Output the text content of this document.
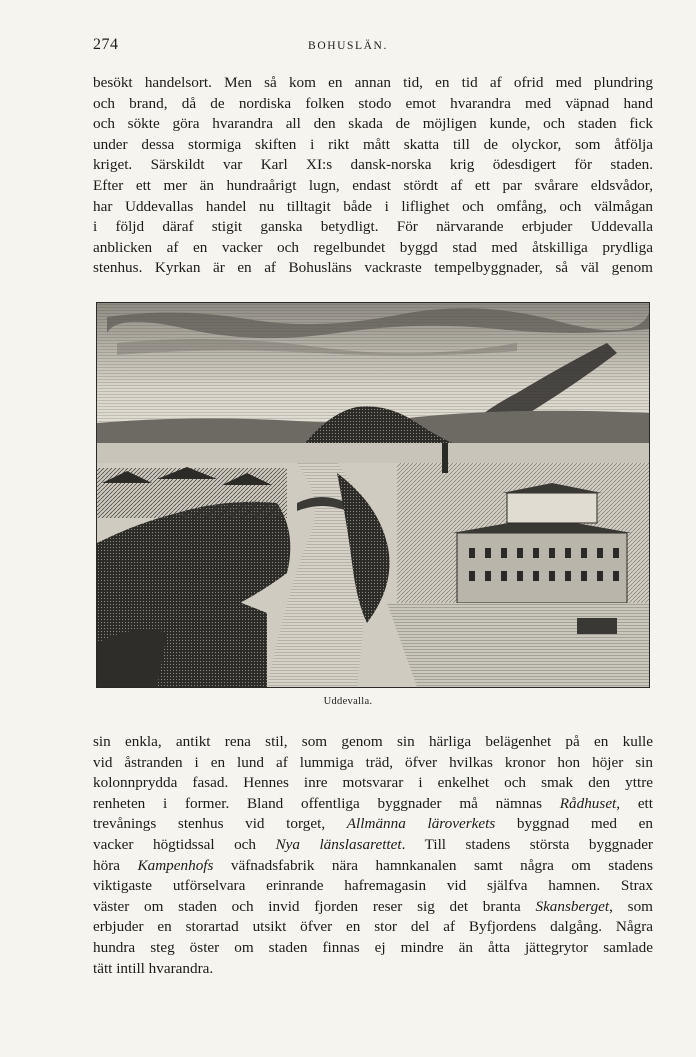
274	BOHUSLÄN.
besökt handelsort. Men så kom en annan tid, en tid af ofrid med plundring
och brand, då de nordiska folken stodo emot hvarandra med väpnad hand
och sökte göra hvarandra all den skada de möjligen kunde, och staden fick
under dessa stormiga skiften i rikt mått skatta till de olyckor, som åtfölja
kriget. Särskildt var Karl XI:s dansk-norska krig ödesdigert för staden.
Efter ett mer än hundraårigt lugn, endast stördt af ett par svårare eldsvådor,
har Uddevallas handel nu tilltagit både i liflighet och omfång, och välmågan
i följd däraf stigit ganska betydligt. För närvarande erbjuder Uddevalla
anblicken af en vacker och regelbundet byggd stad med åtskilliga prydliga
stenhus. Kyrkan är en af Bohusläns vackraste tempelbyggnader, så väl genom
Uddevalla.
sin enkla, antikt rena stil, som genom sin härliga belägenhet på en kulle
vid åstranden i en lund af lummiga träd, öfver hvilkas kronor hon höjer sin
kolonnprydda fasad. Hennes inre motsvarar i enkelhet och smak den yttre
renheten i former. Bland offentliga byggnader må nämnas Rådhuset, ett
trevånings stenhus vid torget, Allmänna läroverkets byggnad med en
vacker högtidssal och Nya länslasarettet. Till stadens största byggnader
höra Kampenhofs väfnadsfabrik nära hamnkanalen samt några om stadens
viktigaste utförselvara erinrande hafremagasin vid själfva hamnen. Strax
väster om staden och invid fjorden reser sig det branta Skansberget, som
erbjuder en storartad utsikt öfver en stor del af Byfjordens dalgång. Några
hundra steg öster om staden finnas ej mindre än åtta jättegrytor samlade
tätt intill hvarandra.
